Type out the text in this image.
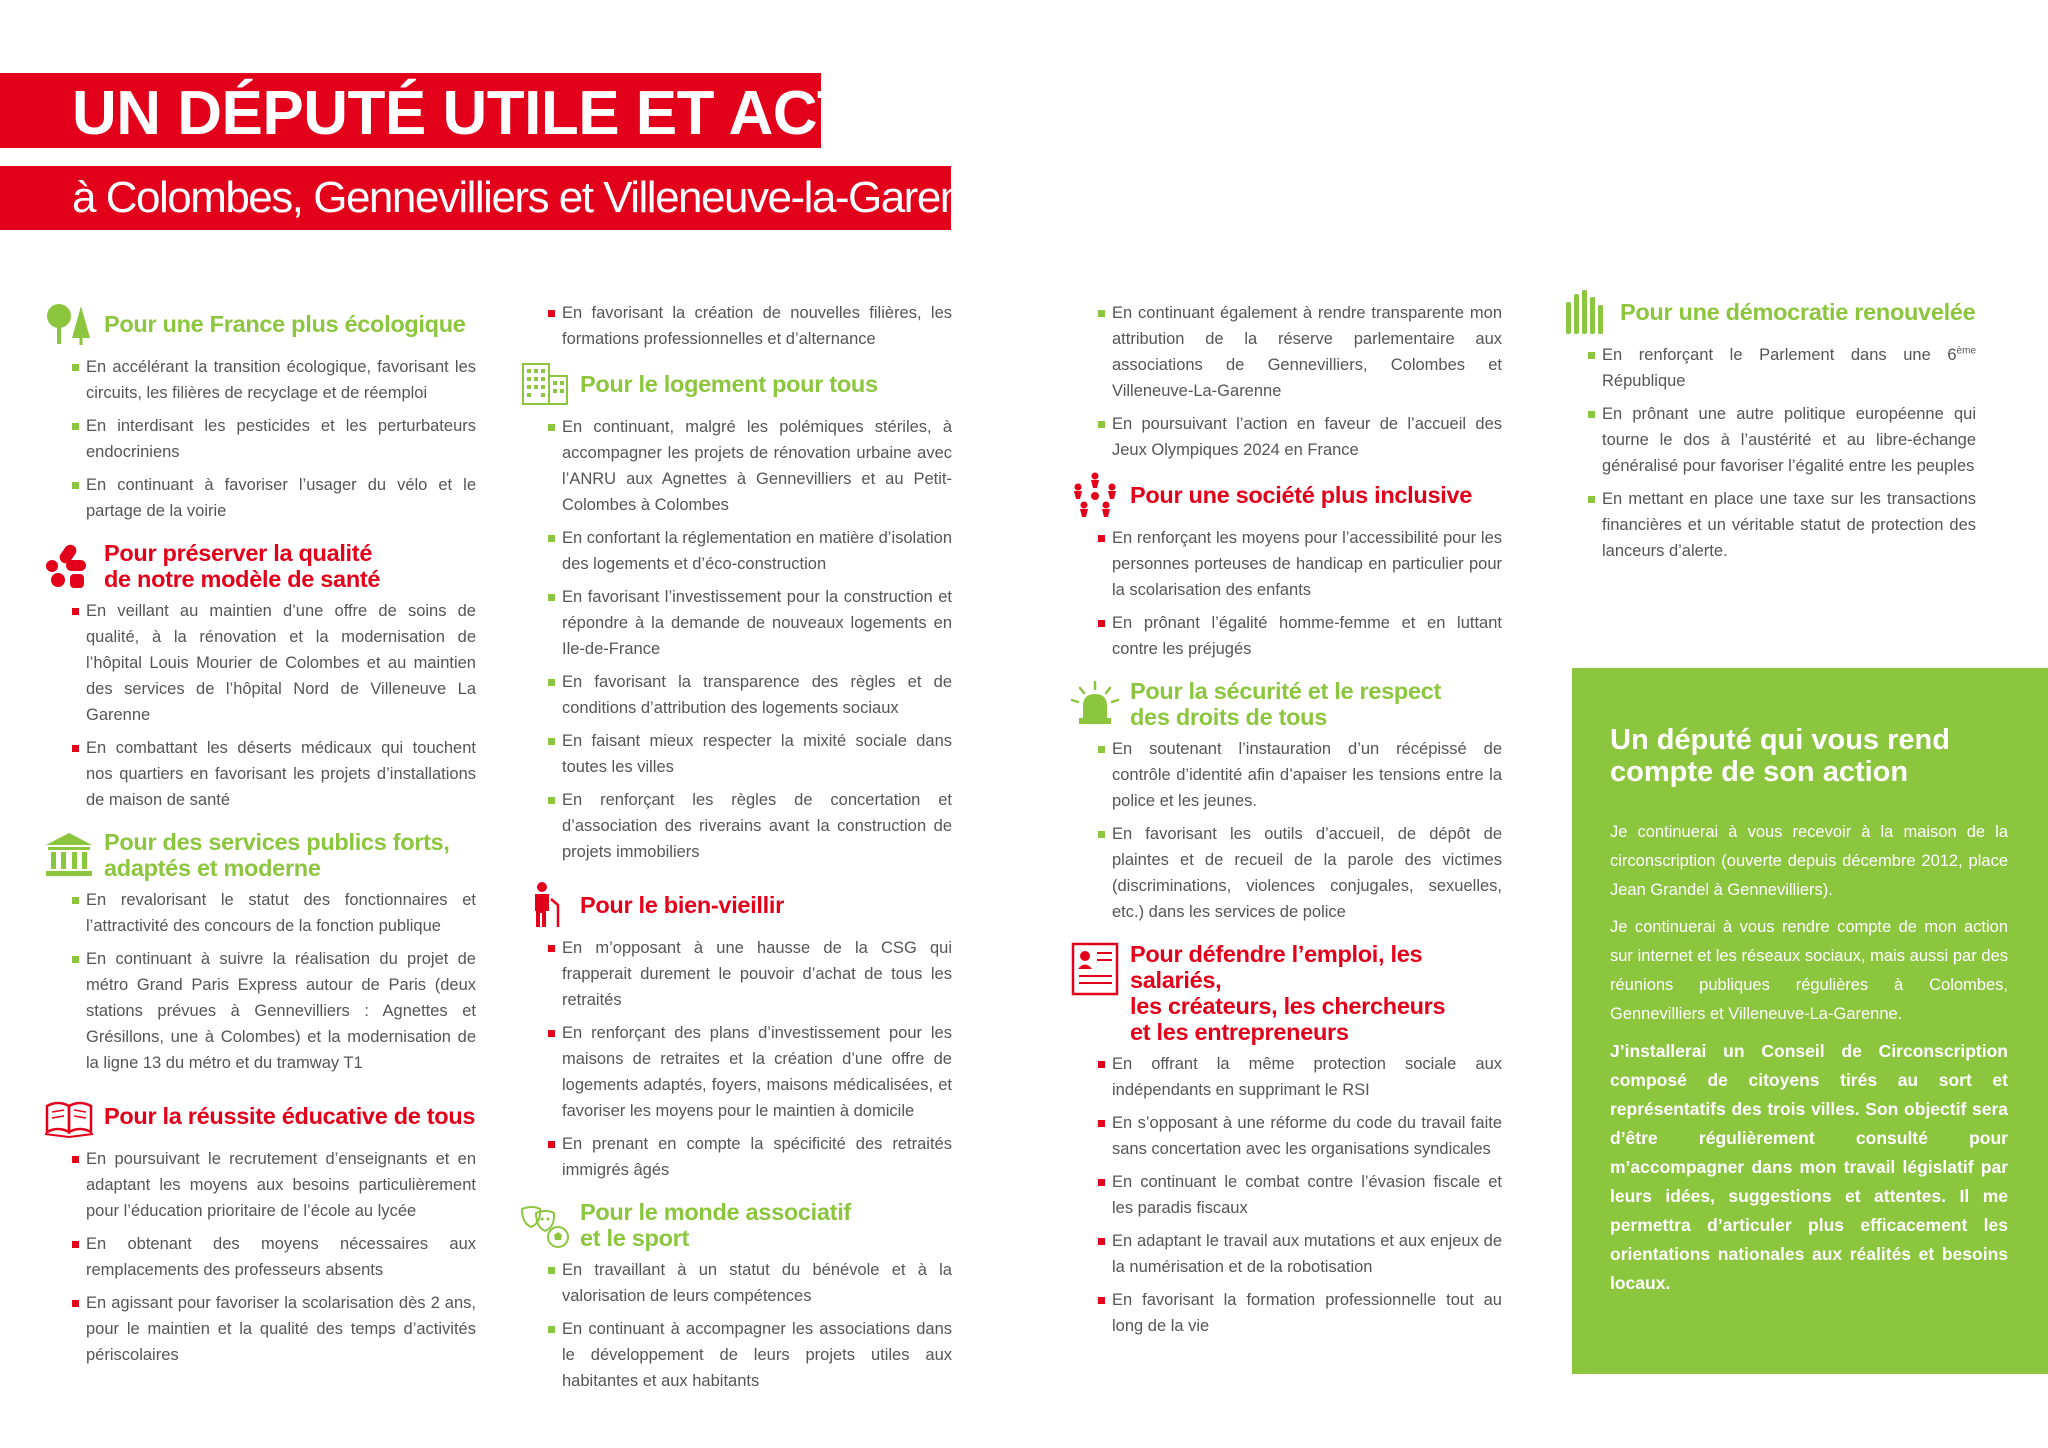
UN DÉPUTÉ UTILE ET ACTIF
à Colombes, Gennevilliers et Villeneuve-la-Garenne
Pour une France plus écologique
En accélérant la transition écologique, favorisant les circuits, les filières de recyclage et de réemploi
En interdisant les pesticides et les perturbateurs endocriniens
En continuant à favoriser l’usager du vélo et le partage de la voirie
Pour préserver la qualité
de notre modèle de santé
En veillant au maintien d’une offre de soins de qualité, à la rénovation et la modernisation de l’hôpital Louis Mourier de Colombes et au maintien des services de l’hôpital Nord de Villeneuve La Garenne
En combattant les déserts médicaux qui touchent nos quartiers en favorisant les projets d’installations de maison de santé
Pour des services publics forts,
adaptés et moderne
En revalorisant le statut des fonctionnaires et l’attractivité des concours de la fonction publique
En continuant à suivre la réalisation du projet de métro Grand Paris Express autour de Paris (deux stations prévues à Gennevilliers : Agnettes et Grésillons, une à Colombes) et la modernisation de la ligne 13 du métro et du tramway T1
Pour la réussite éducative de tous
En poursuivant le recrutement d’enseignants et en adaptant les moyens aux besoins particulièrement pour l’éducation prioritaire de l’école au lycée
En obtenant des moyens nécessaires aux remplacements des professeurs absents
En agissant pour favoriser la scolarisation dès 2 ans, pour le maintien et la qualité des temps d’activités périscolaires
En favorisant la création de nouvelles filières, les formations professionnelles et d’alternance
Pour le logement pour tous
En continuant, malgré les polémiques stériles, à accompagner les projets de rénovation urbaine avec l’ANRU aux Agnettes à Gennevilliers et au Petit-Colombes à Colombes
En confortant la réglementation en matière d’isolation des logements et d’éco-construction
En favorisant l’investissement pour la construction et répondre à la demande de nouveaux logements en Ile-de-France
En favorisant la transparence des règles et de conditions d’attribution des logements sociaux
En faisant mieux respecter la mixité sociale dans toutes les villes
En renforçant les règles de concertation et d’association des riverains avant la construction de projets immobiliers
Pour le bien-vieillir
En m’opposant à une hausse de la CSG qui frapperait durement le pouvoir d’achat de tous les retraités
En renforçant des plans d’investissement pour les maisons de retraites et la création d’une offre de logements adaptés, foyers, maisons médicalisées, et favoriser les moyens pour le maintien à domicile
En prenant en compte la spécificité des retraités immigrés âgés
Pour le monde associatif
et le sport
En travaillant à un statut du bénévole et à la valorisation de leurs compétences
En continuant à accompagner les associations dans le développement de leurs projets utiles aux habitantes et aux habitants
En continuant également à rendre transparente mon attribution de la réserve parlementaire aux associations de Gennevilliers, Colombes et Villeneuve-La-Garenne
En poursuivant l’action en faveur de l’accueil des Jeux Olympiques 2024 en France
Pour une société plus inclusive
En renforçant les moyens pour l’accessibilité pour les personnes porteuses de handicap en particulier pour la scolarisation des enfants
En prônant l’égalité homme-femme et en luttant contre les préjugés
Pour la sécurité et le respect
des droits de tous
En soutenant l’instauration d’un récépissé de contrôle d’identité afin d’apaiser les tensions entre la police et les jeunes.
En favorisant les outils d’accueil, de dépôt de plaintes et de recueil de la parole des victimes (discriminations, violences conjugales, sexuelles, etc.) dans les services de police
Pour défendre l’emploi, les salariés,
les créateurs, les chercheurs
et les entrepreneurs
En offrant la même protection sociale aux indépendants en supprimant le RSI
En s’opposant à une réforme du code du travail faite sans concertation avec les organisations syndicales
En continuant le combat contre l’évasion fiscale et les paradis fiscaux
En adaptant le travail aux mutations et aux enjeux de la numérisation et de la robotisation
En favorisant la formation professionnelle tout au long de la vie
Pour une démocratie renouvelée
En renforçant le Parlement dans une 6ème République
En prônant une autre politique européenne qui tourne le dos à l’austérité et au libre-échange généralisé pour favoriser l’égalité entre les peuples
En mettant en place une taxe sur les transactions financières et un véritable statut de protection des lanceurs d’alerte.
Un député qui vous rend compte de son action

Je continuerai à vous recevoir à la maison de la circonscription (ouverte depuis décembre 2012, place Jean Grandel à Gennevilliers).

Je continuerai à vous rendre compte de mon action sur internet et les réseaux sociaux, mais aussi par des réunions publiques régulières à Colombes, Gennevilliers et Villeneuve-La-Garenne.

J’installerai un Conseil de Circonscription composé de citoyens tirés au sort et représentatifs des trois villes. Son objectif sera d’être régulièrement consulté pour m’accompagner dans mon travail législatif par leurs idées, suggestions et attentes. Il me permettra d’articuler plus efficacement les orientations nationales aux réalités et besoins locaux.
